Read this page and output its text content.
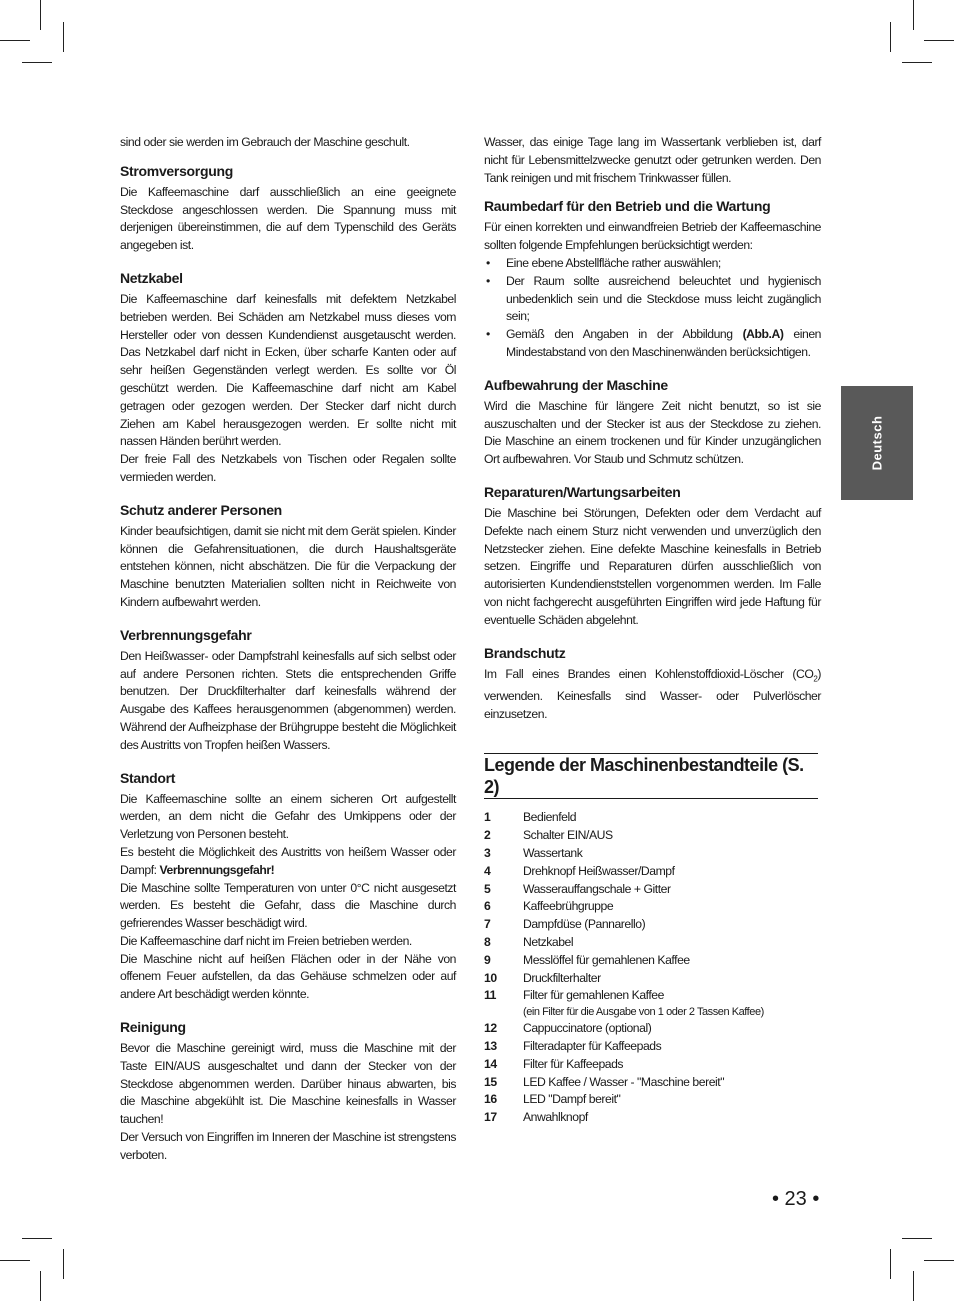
sind oder sie werden im Gebrauch der Maschine geschult.

Stromversorgung

Die Kaffeemaschine darf ausschließlich an eine geeignete Steckdose angeschlossen werden. Die Spannung muss mit derjenigen übereinstimmen, die auf dem Typenschild des Geräts angegeben ist.

Netzkabel

Die Kaffeemaschine darf keinesfalls mit defektem Netzkabel betrieben werden. Bei Schäden am Netzkabel muss dieses vom Hersteller oder von dessen Kundendienst ausgetauscht werden. Das Netzkabel darf nicht in Ecken, über scharfe Kanten oder auf sehr heißen Gegenständen verlegt werden. Es sollte vor Öl geschützt werden. Die Kaffeemaschine darf nicht am Kabel getragen oder gezogen werden. Der Stecker darf nicht durch Ziehen am Kabel herausgezogen werden. Er sollte nicht mit nassen Händen berührt werden.

Der freie Fall des Netzkabels von Tischen oder Regalen sollte vermieden werden.

Schutz anderer Personen

Kinder beaufsichtigen, damit sie nicht mit dem Gerät spielen. Kinder können die Gefahrensituationen, die durch Haushaltsgeräte entstehen können, nicht abschätzen. Die für die Verpackung der Maschine benutzten Materialien sollten nicht in Reichweite von Kindern aufbewahrt werden.

Verbrennungsgefahr

Den Heißwasser- oder Dampfstrahl keinesfalls auf sich selbst oder auf andere Personen richten. Stets die entsprechenden Griffe benutzen. Der Druckfilterhalter darf keinesfalls während der Ausgabe des Kaffees herausgenommen (abgenommen) werden. Während der Aufheizphase der Brühgruppe besteht die Möglichkeit des Austritts von Tropfen heißen Wassers.

Standort

Die Kaffeemaschine sollte an einem sicheren Ort aufgestellt werden, an dem nicht die Gefahr des Umkippens oder der Verletzung von Personen besteht.

Es besteht die Möglichkeit des Austritts von heißem Wasser oder Dampf: Verbrennungsgefahr!

Die Maschine sollte Temperaturen von unter 0°C nicht ausgesetzt werden. Es besteht die Gefahr, dass die Maschine durch gefrierendes Wasser beschädigt wird.

Die Kaffeemaschine darf nicht im Freien betrieben werden.

Die Maschine nicht auf heißen Flächen oder in der Nähe von offenem Feuer aufstellen, da das Gehäuse schmelzen oder auf andere Art beschädigt werden könnte.

Reinigung

Bevor die Maschine gereinigt wird, muss die Maschine mit der Taste EIN/AUS ausgeschaltet und dann der Stecker von der Steckdose abgenommen werden. Darüber hinaus abwarten, bis die Maschine abgekühlt ist. Die Maschine keinesfalls in Wasser tauchen!

Der Versuch von Eingriffen im Inneren der Maschine ist strengstens verboten.

Wasser, das einige Tage lang im Wassertank verblieben ist, darf nicht für Lebensmittelzwecke genutzt oder getrunken werden. Den Tank reinigen und mit frischem Trinkwasser füllen.

Raumbedarf für den Betrieb und die Wartung

Für einen korrekten und einwandfreien Betrieb der Kaffeemaschine sollten folgende Empfehlungen berücksichtigt werden:

• Eine ebene Abstellfläche rather auswählen;
• Der Raum sollte ausreichend beleuchtet und hygienisch unbedenklich sein und die Steckdose muss leicht zugänglich sein;
• Gemäß den Angaben in der Abbildung (Abb.A) einen Mindestabstand von den Maschinenwänden berücksichtigen.
Aufbewahrung der Maschine

Wird die Maschine für längere Zeit nicht benutzt, so ist sie auszuschalten und der Stecker ist aus der Steckdose zu ziehen. Die Maschine an einem trockenen und für Kinder unzugänglichen Ort aufbewahren. Vor Staub und Schmutz schützen.

Reparaturen/Wartungsarbeiten

Die Maschine bei Störungen, Defekten oder dem Verdacht auf Defekte nach einem Sturz nicht verwenden und unverzüglich den Netzstecker ziehen. Eine defekte Maschine keinesfalls in Betrieb setzen. Eingriffe und Reparaturen dürfen ausschließlich von autorisierten Kundendienststellen vorgenommen werden. Im Falle von nicht fachgerecht ausgeführten Eingriffen wird jede Haftung für eventuelle Schäden abgelehnt.

Brandschutz

Im Fall eines Brandes einen Kohlenstoffdioxid-Löscher $(CO_2)$ verwenden. Keinesfalls sind Wasser- oder Pulverlöscher einzusetzen.

Legende der Maschinenbestandteile (S. 2)
1	Bedienfeld
2	Schalter EIN/AUS
3	Wassertank
4	Drehknopf Heißwasser/Dampf
5	Wasserauffangschale + Gitter
6	Kaffeebrühgruppe
7	Dampfdüse (Pannarello)
8	Netzkabel
9	Messlöffel für gemahlenen Kaffee
10	Druckfilterhalter
11	Filter für gemahlenen Kaffee
(ein Filter für die Ausgabe von 1 oder 2 Tassen Kaffee)
12	Cappuccinatore (optional)
13	Filteradapter für Kaffeepads
14	Filter für Kaffeepads
15	LED Kaffee / Wasser - "Maschine bereit"
16	LED "Dampf bereit"
17	Anwahlknopf
Deutsch
• 23 •
